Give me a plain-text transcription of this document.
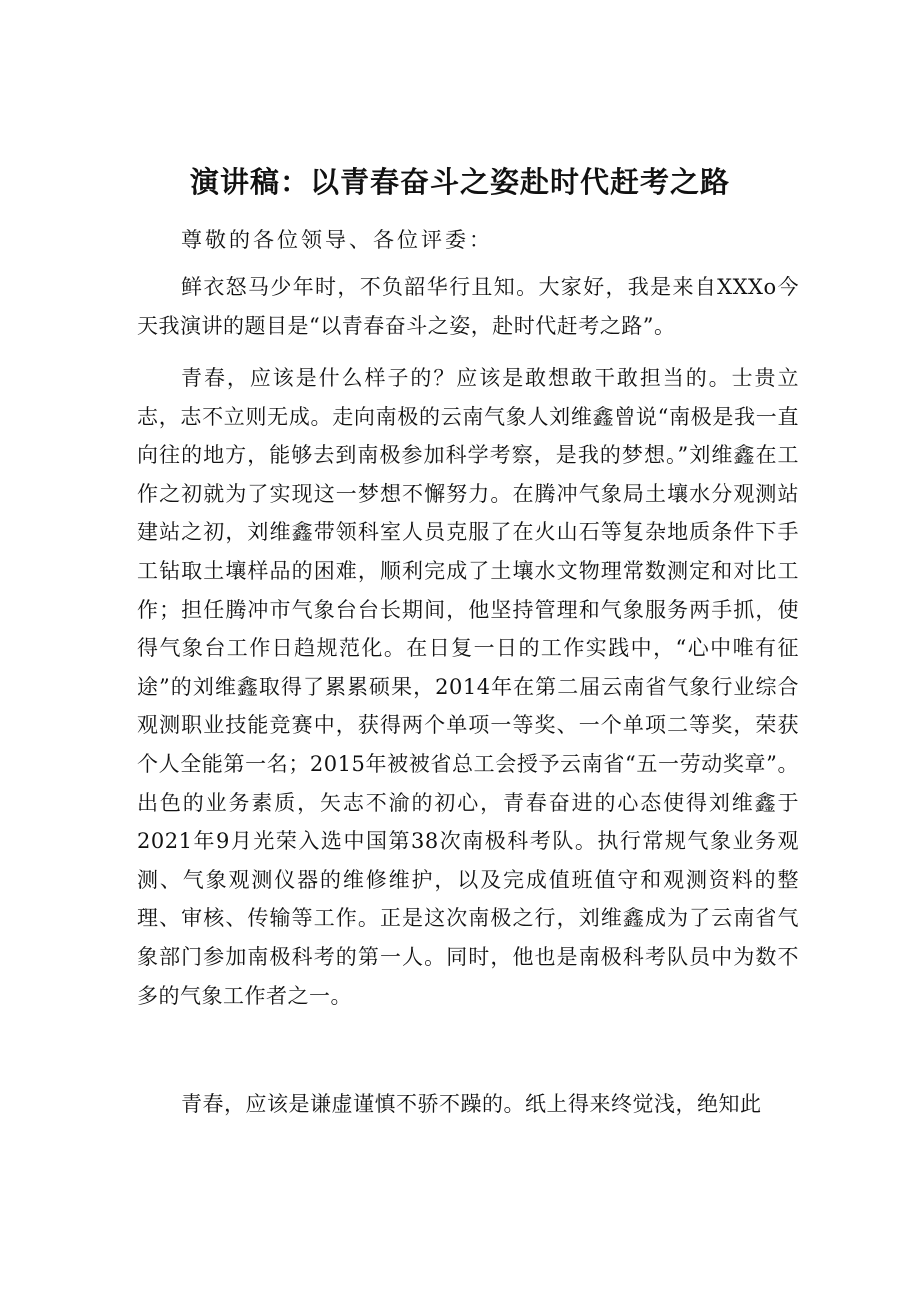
演讲稿：以青春奋斗之姿赴时代赶考之路

尊敬的各位领导、各位评委：

鲜衣怒马少年时，不负韶华行且知。大家好，我是来自XXXo今天我演讲的题目是“以青春奋斗之姿，赴时代赶考之路”。

青春，应该是什么样子的？应该是敢想敢干敢担当的。士贵立志，志不立则无成。走向南极的云南气象人刘维鑫曾说“南极是我一直向往的地方，能够去到南极参加科学考察，是我的梦想。”刘维鑫在工作之初就为了实现这一梦想不懈努力。在腾冲气象局土壤水分观测站建站之初，刘维鑫带领科室人员克服了在火山石等复杂地质条件下手工钻取土壤样品的困难，顺利完成了土壤水文物理常数测定和对比工作；担任腾冲市气象台台长期间，他坚持管理和气象服务两手抓，使得气象台工作日趋规范化。在日复一日的工作实践中，“心中唯有征途”的刘维鑫取得了累累硕果，2014年在第二届云南省气象行业综合观测职业技能竞赛中，获得两个单项一等奖、一个单项二等奖，荣获个人全能第一名；2015年被被省总工会授予云南省“五一劳动奖章”。出色的业务素质，矢志不渝的初心，青春奋进的心态使得刘维鑫于2021年9月光荣入选中国第38次南极科考队。执行常规气象业务观测、气象观测仪器的维修维护，以及完成值班值守和观测资料的整理、审核、传输等工作。正是这次南极之行，刘维鑫成为了云南省气象部门参加南极科考的第一人。同时，他也是南极科考队员中为数不多的气象工作者之一。

青春，应该是谦虚谨慎不骄不躁的。纸上得来终觉浅，绝知此
